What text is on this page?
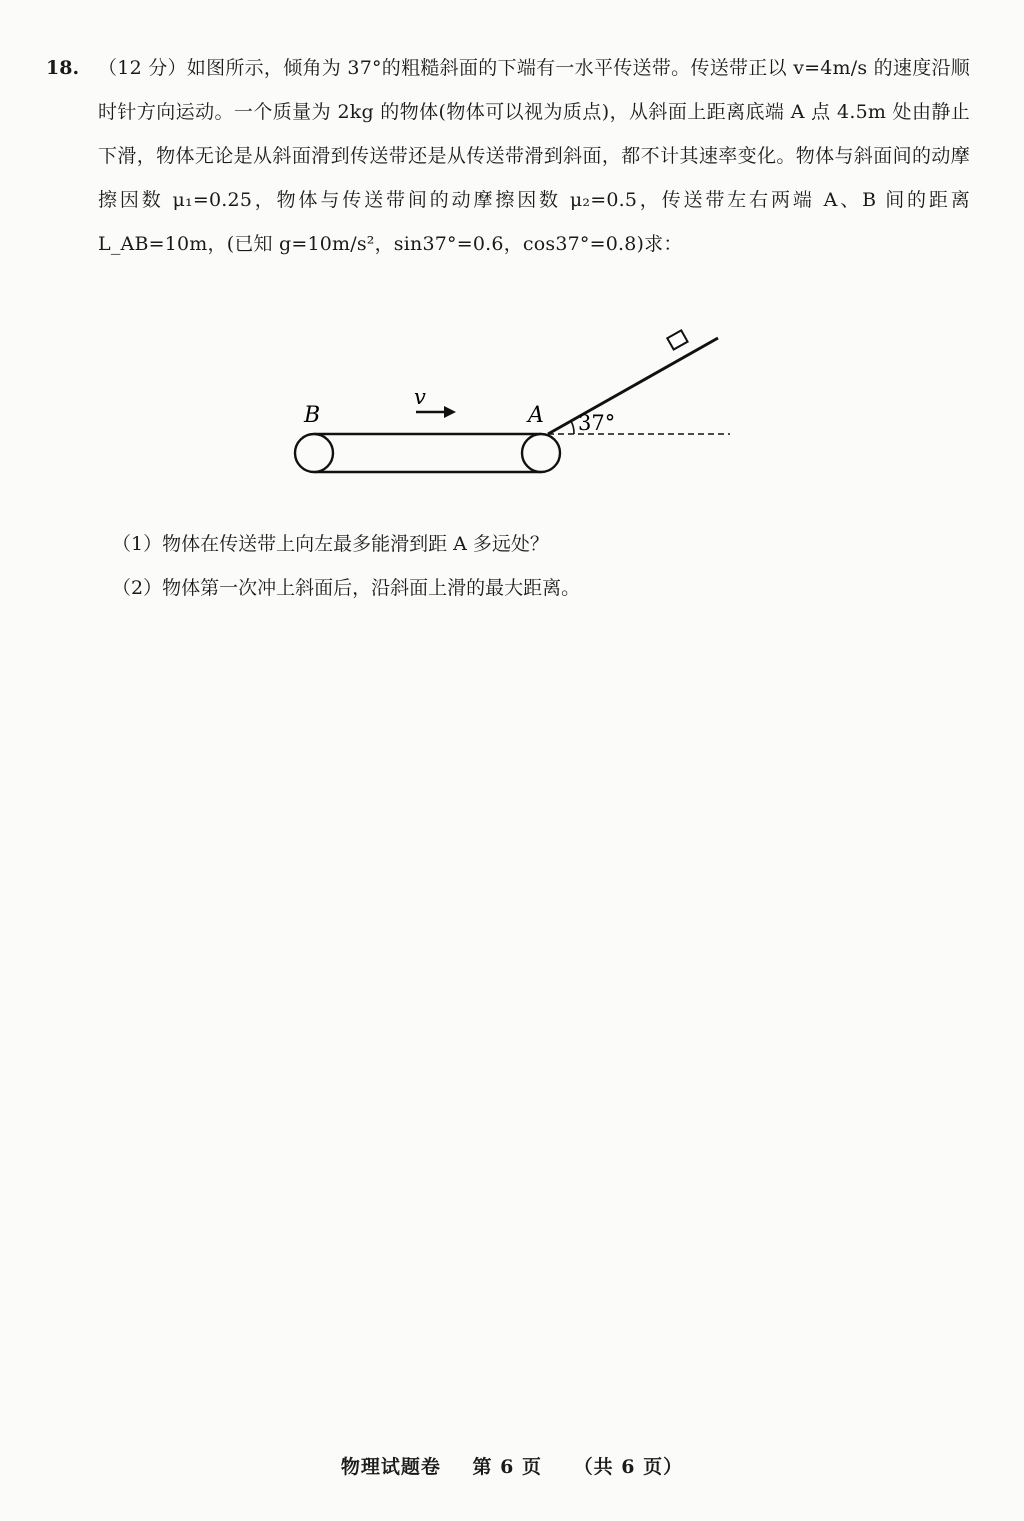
18. （12 分）如图所示，倾角为 37°的粗糙斜面的下端有一水平传送带。传送带正以 v=4m/s 的速度沿顺时针方向运动。一个质量为 2kg 的物体(物体可以视为质点)，从斜面上距离底端 A 点 4.5m 处由静止下滑，物体无论是从斜面滑到传送带还是从传送带滑到斜面，都不计其速率变化。物体与斜面间的动摩擦因数 μ₁=0.25，物体与传送带间的动摩擦因数 μ₂=0.5，传送带左右两端 A、B 间的距离 L_AB=10m，(已知 g=10m/s²，sin37°=0.6，cos37°=0.8)求：
37°
B	A
v
（1）物体在传送带上向左最多能滑到距 A 多远处？
（2）物体第一次冲上斜面后，沿斜面上滑的最大距离。
物理试题卷 第 6 页 （共 6 页）
